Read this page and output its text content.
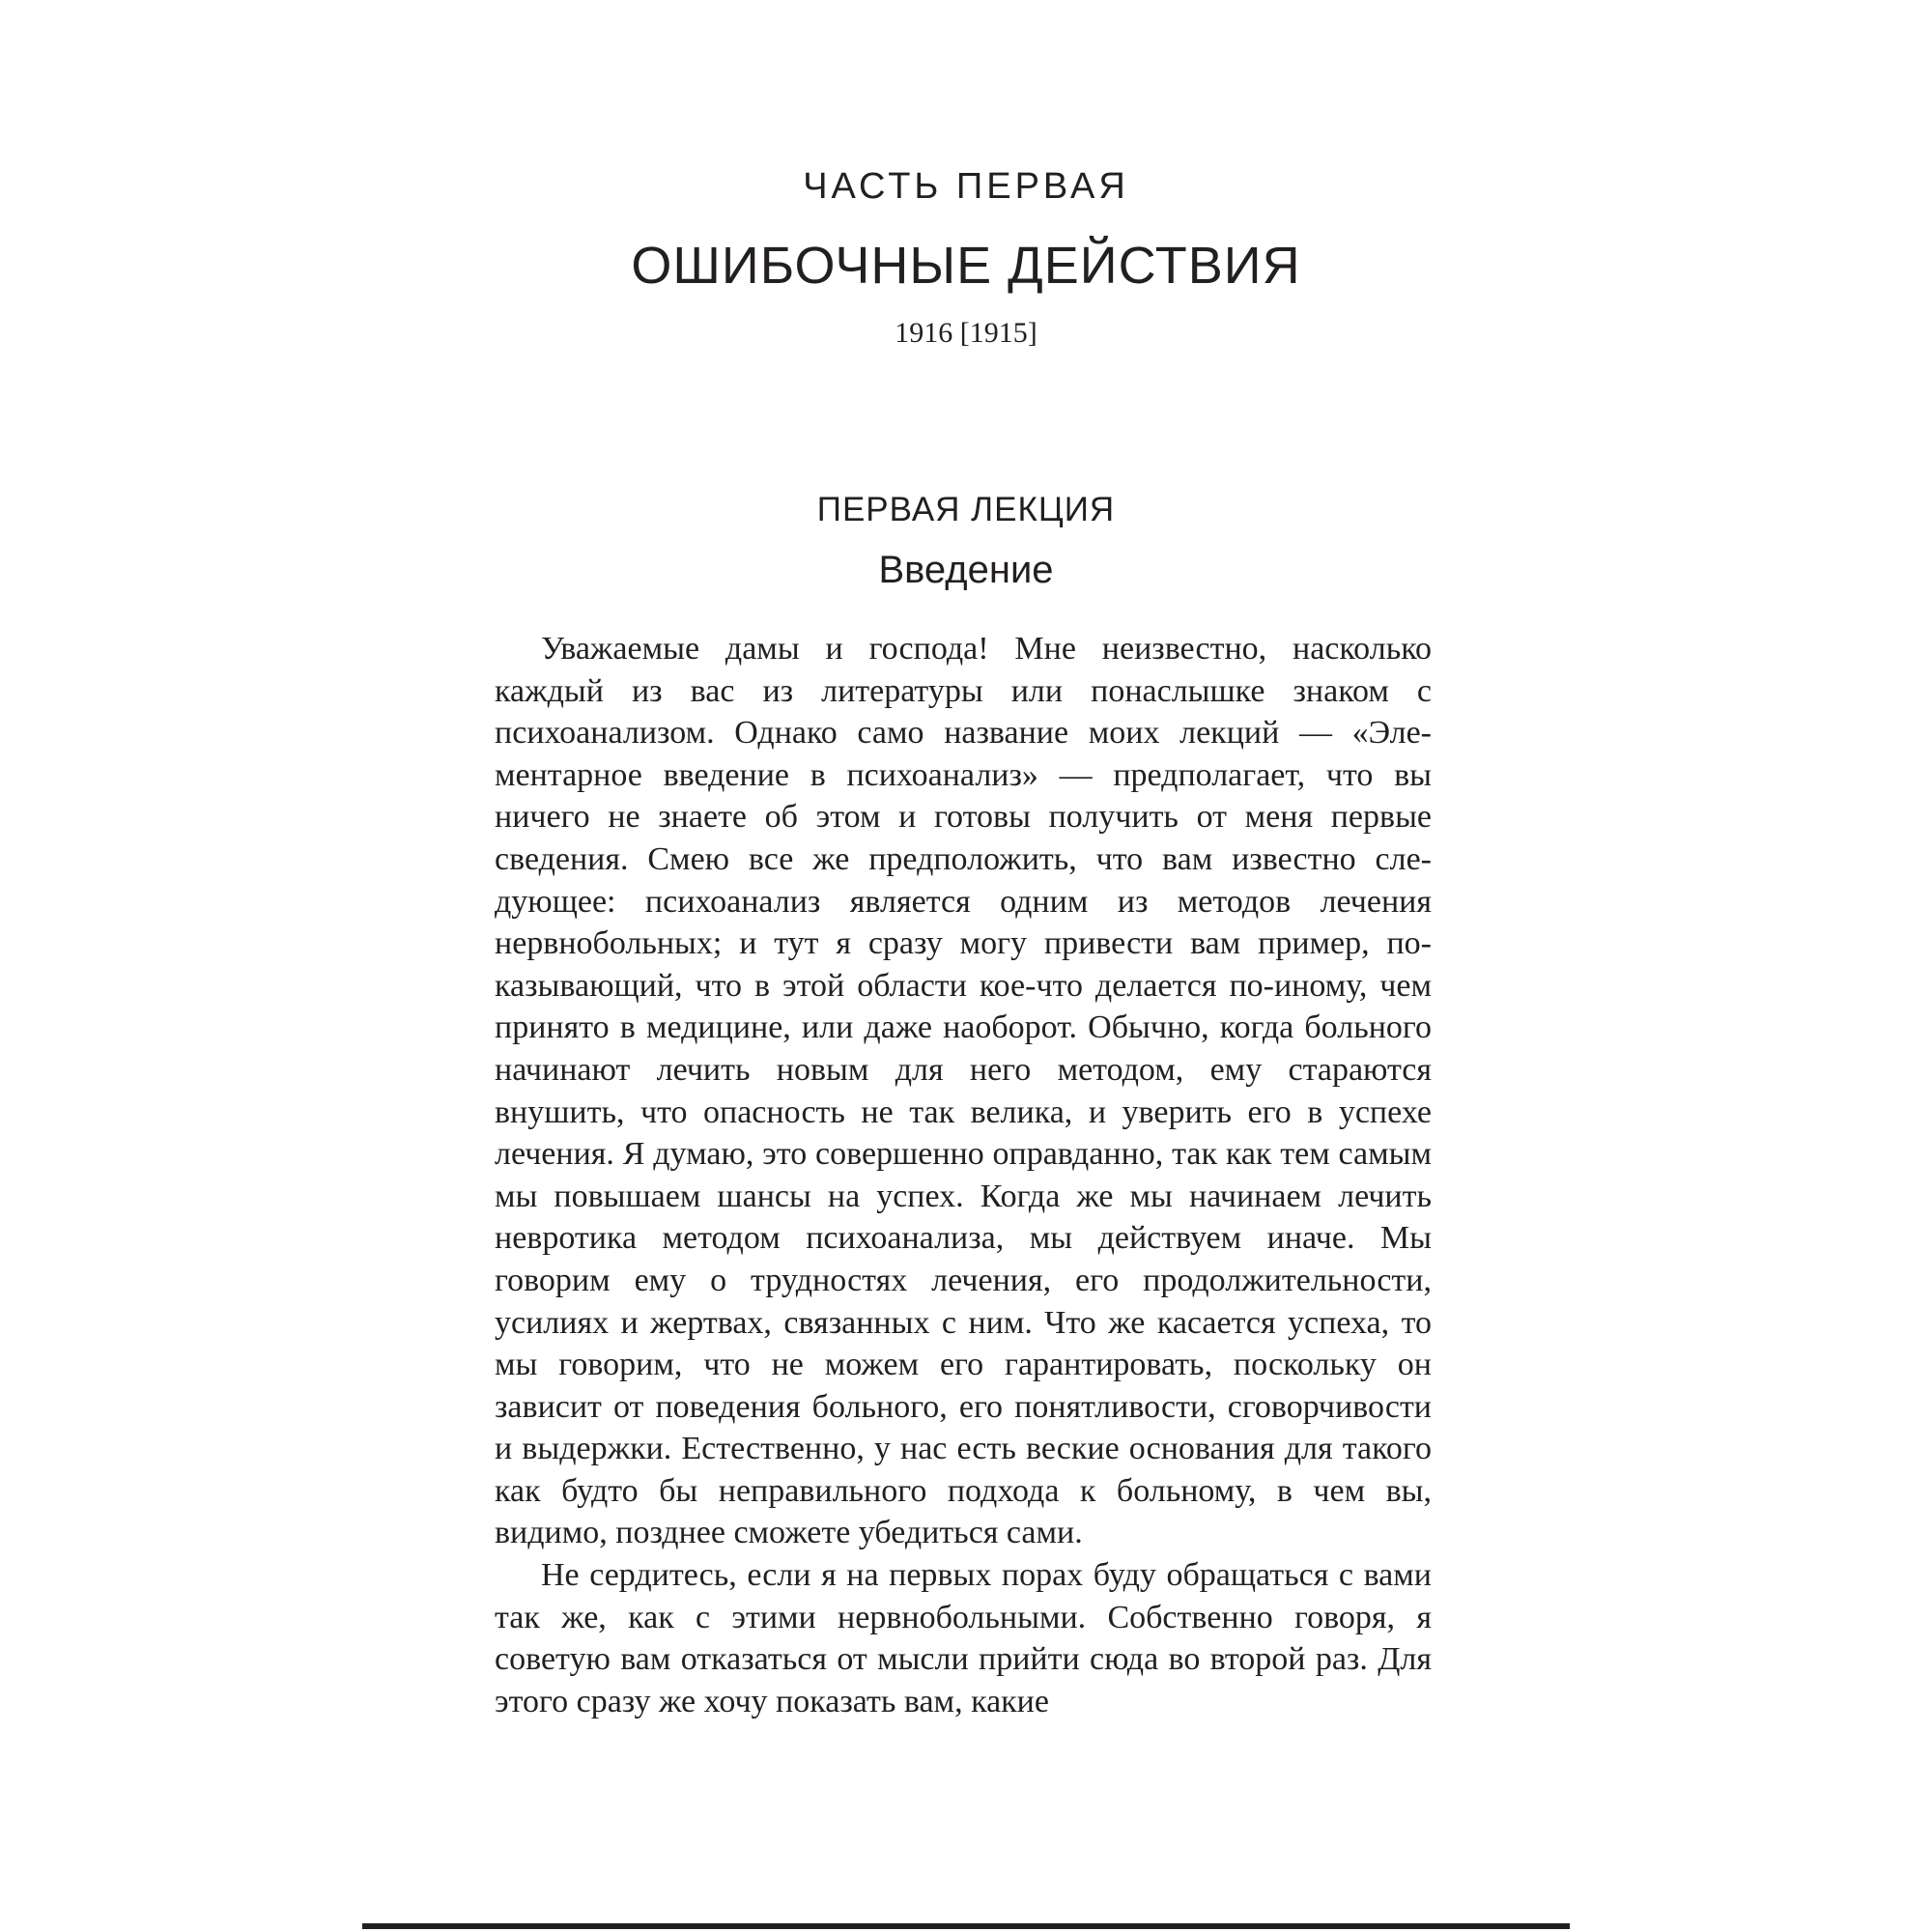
ЧАСТЬ ПЕРВАЯ
ОШИБОЧНЫЕ ДЕЙСТВИЯ
1916 [1915]
ПЕРВАЯ ЛЕКЦИЯ
Введение

Уважаемые дамы и господа! Мне неизвестно, насколько каждый из вас из литературы или понаслышке знаком с психоанализом. Однако само название моих лекций — «Элементарное введение в психоанализ» — предполагает, что вы ничего не знаете об этом и готовы получить от меня первые сведения. Смею все же предположить, что вам известно следующее: психоанализ является одним из методов лечения нервнобольных; и тут я сразу могу привести вам пример, показывающий, что в этой области кое-что делается по-иному, чем принято в медицине, или даже наоборот. Обычно, когда больного начинают лечить новым для него методом, ему стараются внушить, что опасность не так велика, и уверить его в успехе лечения. Я думаю, это совершенно оправданно, так как тем самым мы повышаем шансы на успех. Когда же мы начинаем лечить невротика методом психоанализа, мы действуем иначе. Мы говорим ему о трудностях лечения, его продолжительности, усилиях и жертвах, связанных с ним. Что же касается успеха, то мы говорим, что не можем его гарантировать, поскольку он зависит от поведения больного, его понятливости, сговорчивости и выдержки. Естественно, у нас есть веские основания для такого как будто бы неправильного подхода к больному, в чем вы, видимо, позднее сможете убедиться сами.

Не сердитесь, если я на первых порах буду обращаться с вами так же, как с этими нервнобольными. Собственно говоря, я советую вам отказаться от мысли прийти сюда во второй раз. Для этого сразу же хочу показать вам, какие
